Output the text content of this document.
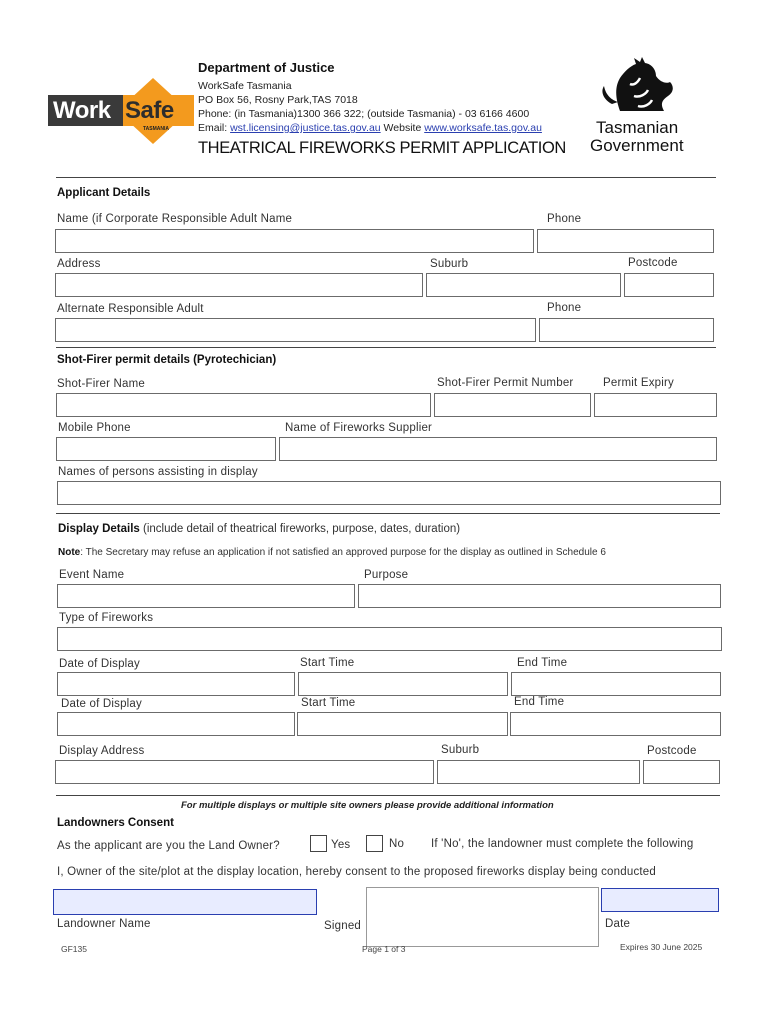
Work Safe
TASMANIA
Department of Justice
WorkSafe Tasmania
PO Box 56, Rosny Park,TAS 7018
Phone: (in Tasmania)1300 366 322; (outside Tasmania) - 03 6166 4600
Email: wst.licensing@justice.tas.gov.au Website www.worksafe.tas.gov.au
THEATRICAL FIREWORKS PERMIT APPLICATION
Tasmanian
Government
Applicant Details
Name (if Corporate Responsible Adult Name	Phone
Address	Suburb	Postcode
Alternate Responsible Adult	Phone
Shot-Firer permit details (Pyrotechician)
Shot-Firer Name	Shot-Firer Permit Number	Permit Expiry
Mobile Phone	Name of Fireworks Supplier
Names of persons assisting in display
Display Details (include detail of theatrical fireworks, purpose, dates, duration)
Note: The Secretary may refuse an application if not satisfied an approved purpose for the display as outlined in Schedule 6
Event Name	Purpose
Type of Fireworks
Date of Display	Start Time	End Time
Date of Display	Start Time	End Time
Display Address	Suburb	Postcode
For multiple displays or multiple site owners please provide additional information
Landowners Consent
As the applicant are you the Land Owner?	Yes	No If 'No', the landowner must complete the following
I, Owner of the site/plot at the display location, hereby consent to the proposed fireworks display being conducted
Landowner Name	Signed	Date
GF135	Page 1 of 3	Expires 30 June 2025
